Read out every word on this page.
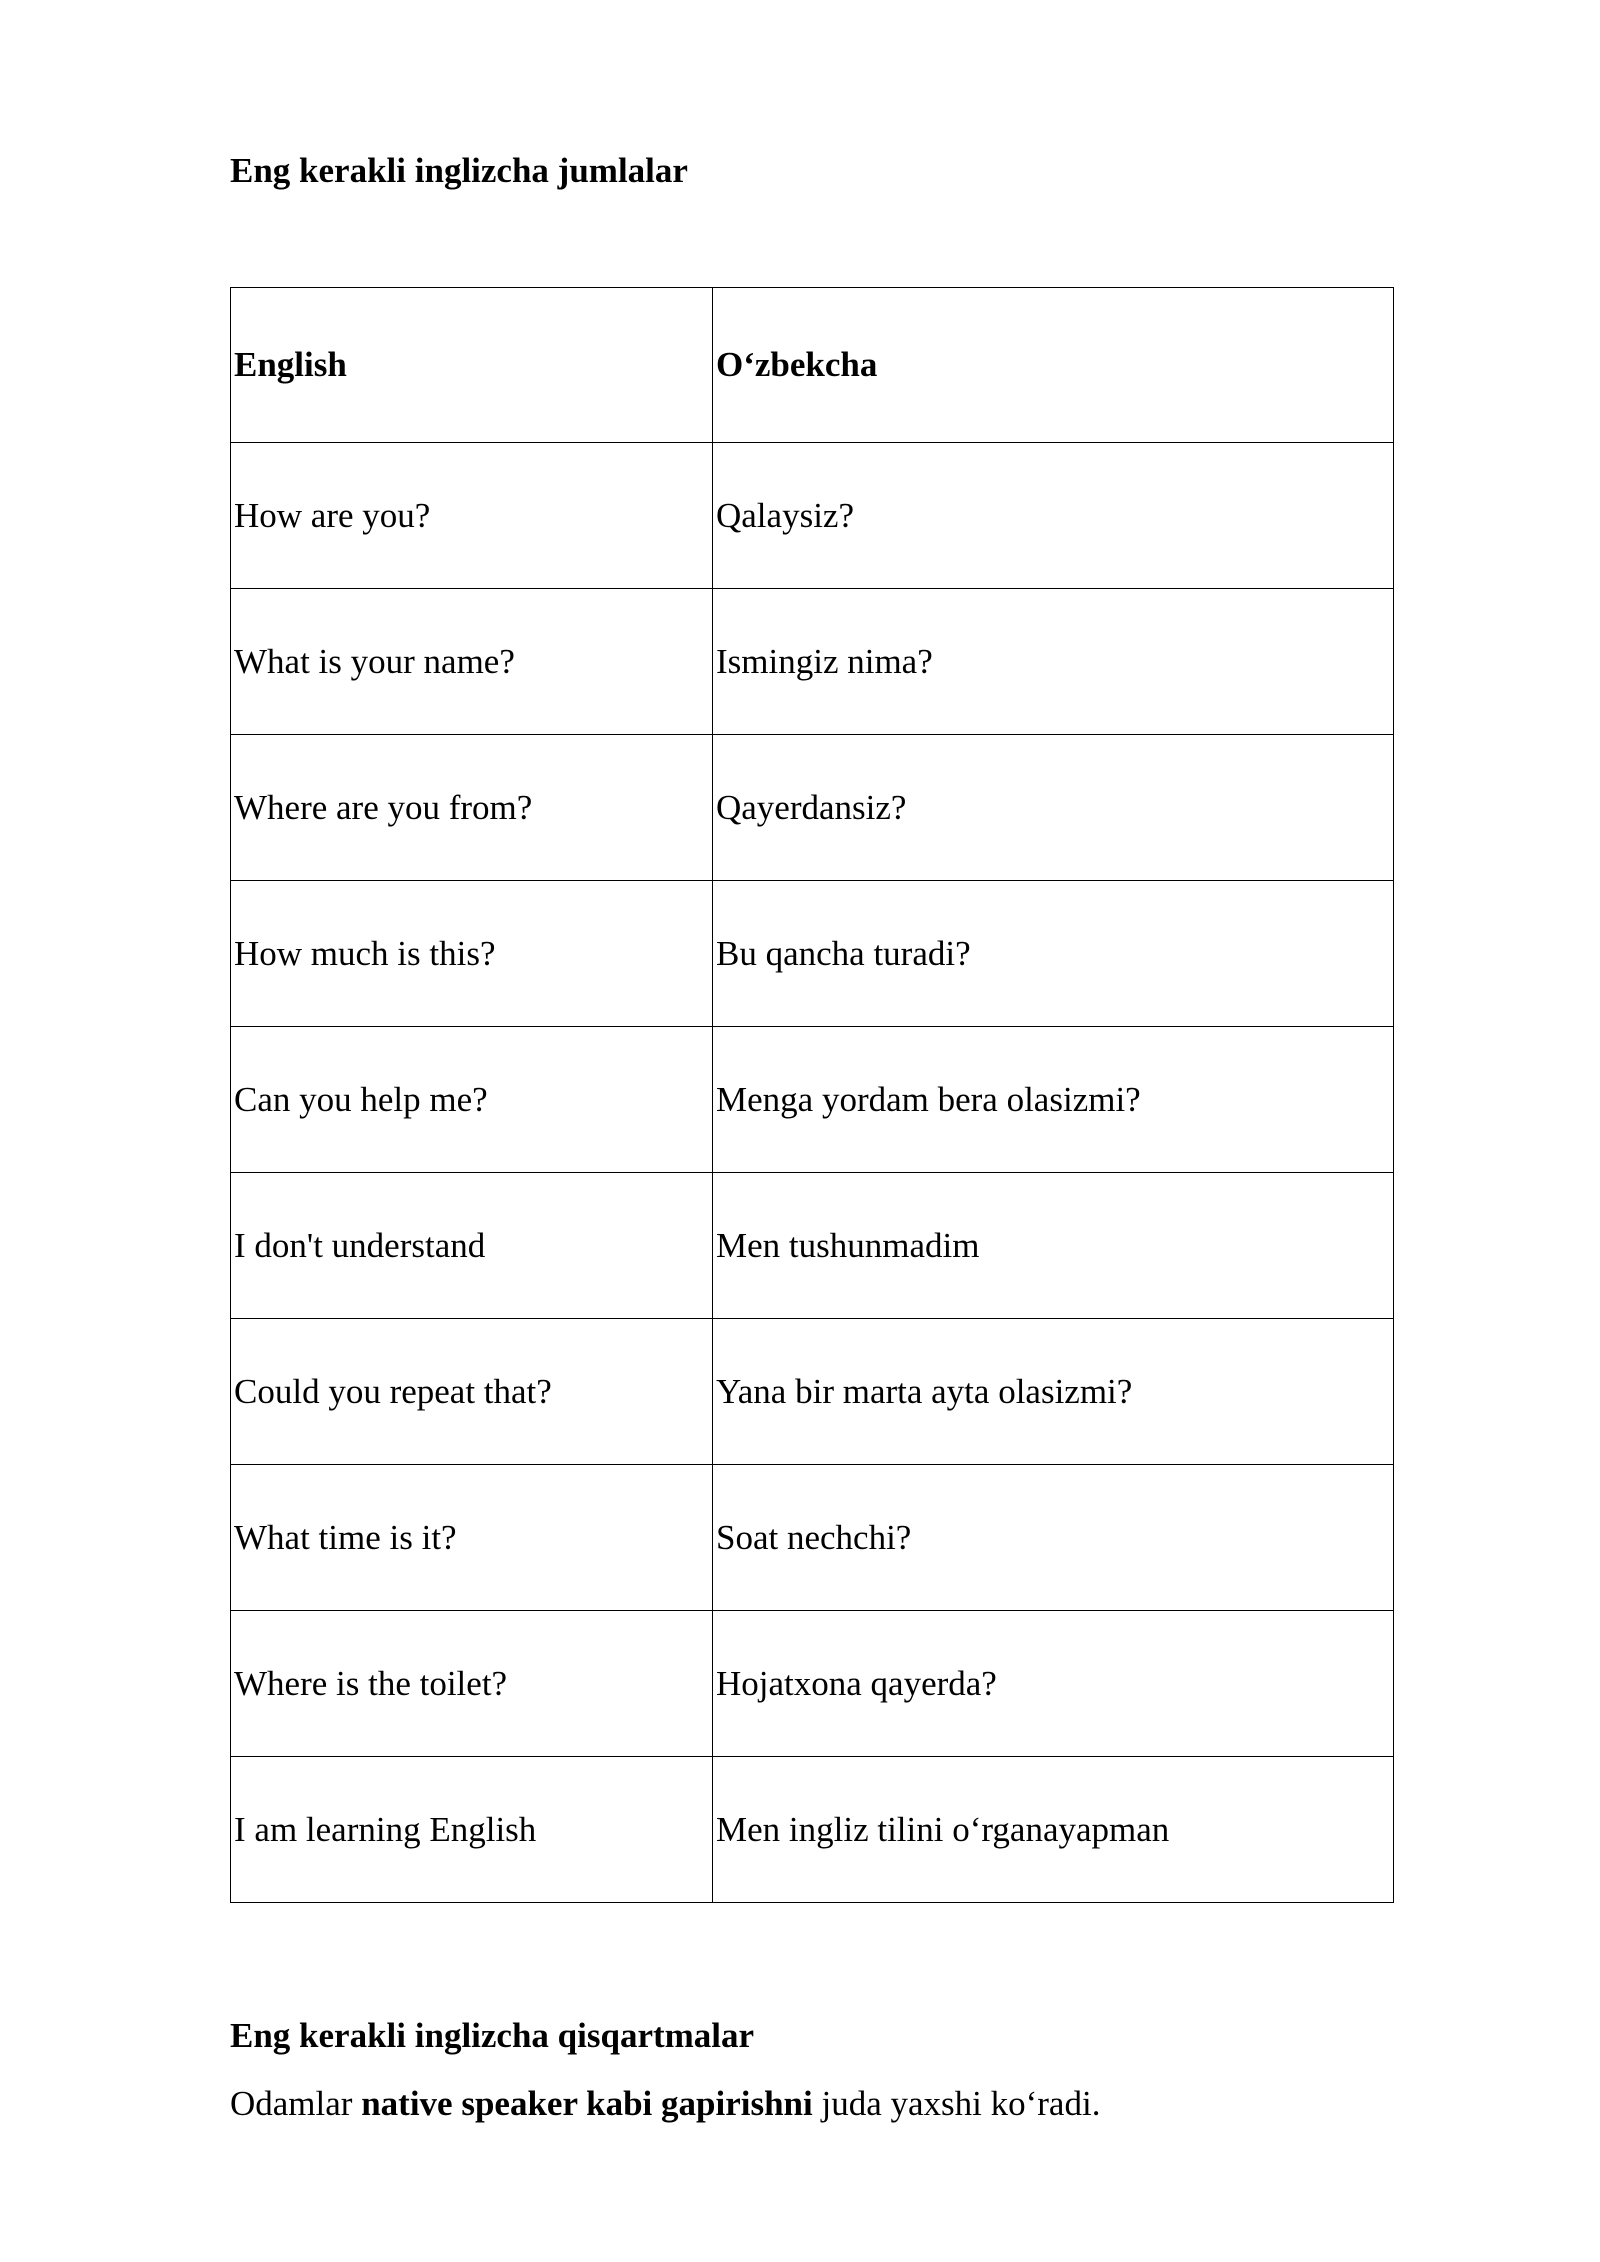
Eng kerakli inglizcha jumlalar
English	O‘zbekcha
How are you?	Qalaysiz?
What is your name?	Ismingiz nima?
Where are you from?	Qayerdansiz?
How much is this?	Bu qancha turadi?
Can you help me?	Menga yordam bera olasizmi?
I don't understand	Men tushunmadim
Could you repeat that?	Yana bir marta ayta olasizmi?
What time is it?	Soat nechchi?
Where is the toilet?	Hojatxona qayerda?
I am learning English	Men ingliz tilini o‘rganayapman
Eng kerakli inglizcha qisqartmalar

Odamlar native speaker kabi gapirishni juda yaxshi ko‘radi.
